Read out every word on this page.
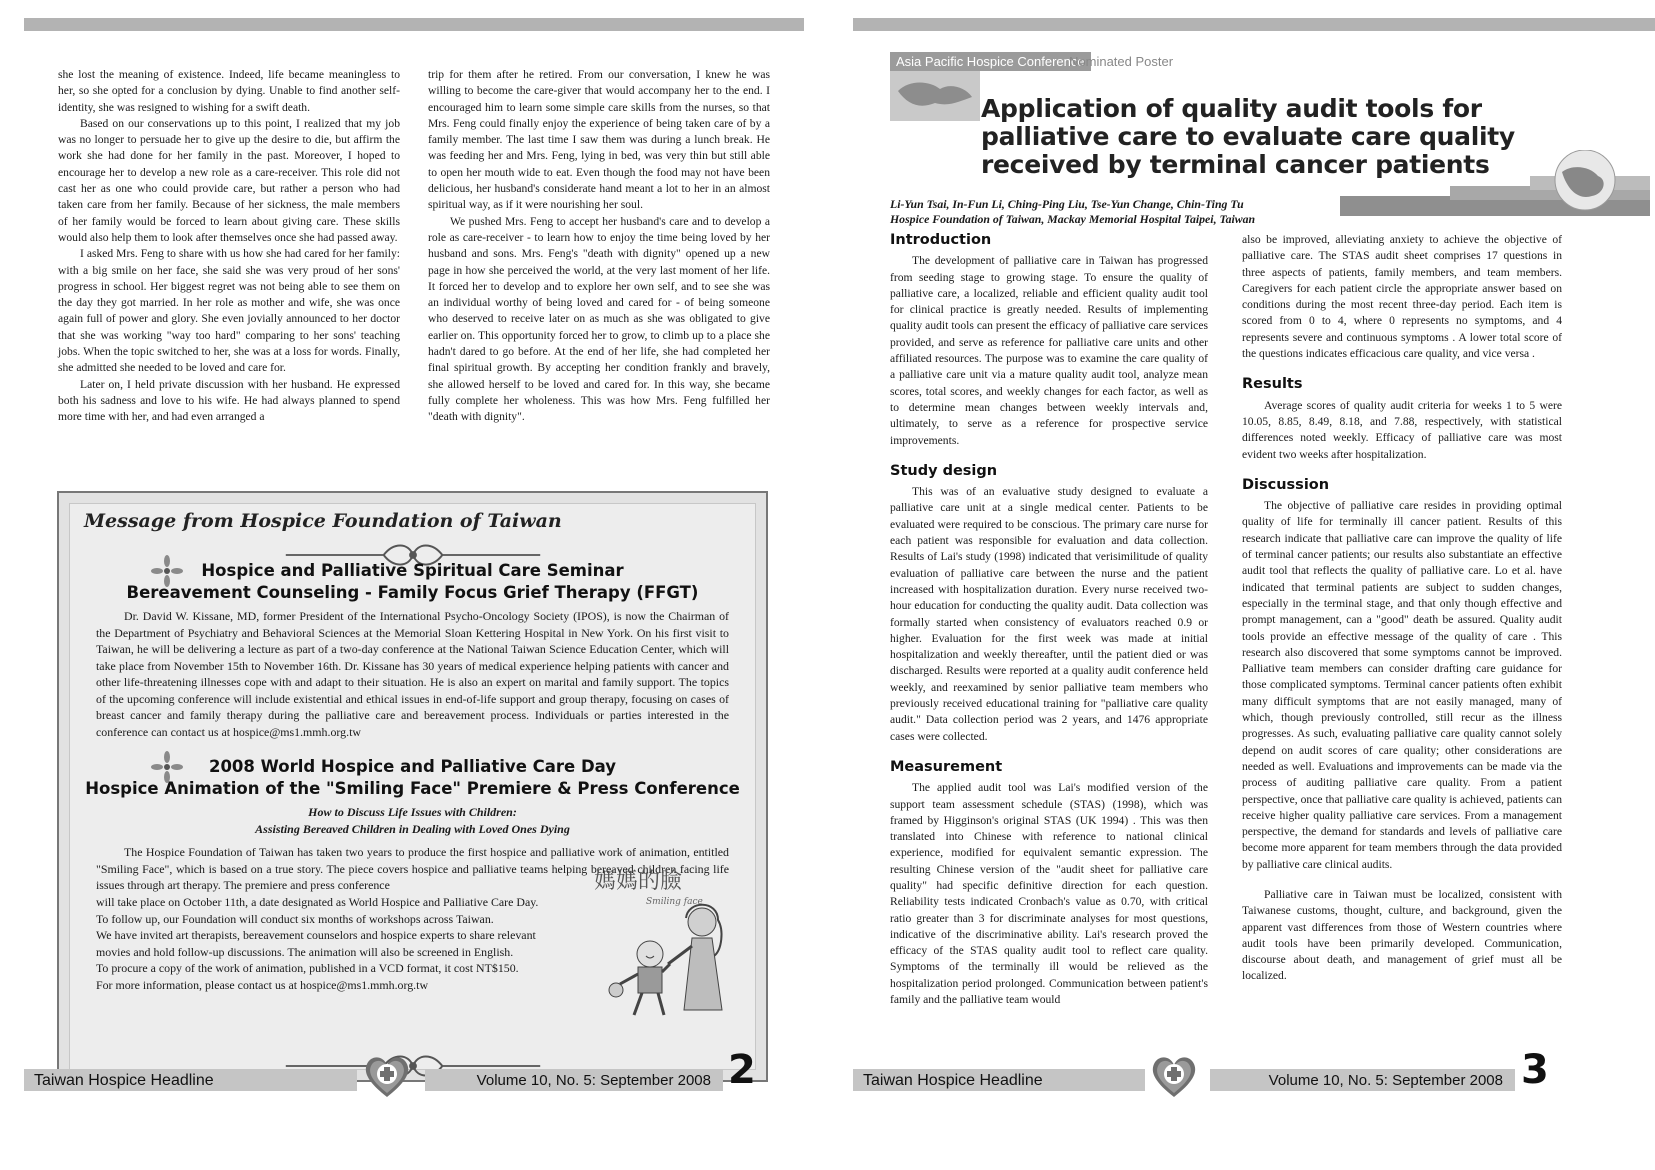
she lost the meaning of existence. Indeed, life became meaningless to her, so she opted for a conclusion by dying. Unable to find another self-identity, she was resigned to wishing for a swift death.

Based on our conservations up to this point, I realized that my job was no longer to persuade her to give up the desire to die, but affirm the work she had done for her family in the past. Moreover, I hoped to encourage her to develop a new role as a care-receiver. This role did not cast her as one who could provide care, but rather a person who had taken care from her family. Because of her sickness, the male members of her family would be forced to learn about giving care. These skills would also help them to look after themselves once she had passed away.

I asked Mrs. Feng to share with us how she had cared for her family: with a big smile on her face, she said she was very proud of her sons' progress in school. Her biggest regret was not being able to see them on the day they got married. In her role as mother and wife, she was once again full of power and glory. She even jovially announced to her doctor that she was working "way too hard" comparing to her sons' teaching jobs. When the topic switched to her, she was at a loss for words. Finally, she admitted she needed to be loved and care for.

Later on, I held private discussion with her husband. He expressed both his sadness and love to his wife. He had always planned to spend more time with her, and had even arranged a

trip for them after he retired. From our conversation, I knew he was willing to become the care-giver that would accompany her to the end. I encouraged him to learn some simple care skills from the nurses, so that Mrs. Feng could finally enjoy the experience of being taken care of by a family member. The last time I saw them was during a lunch break. He was feeding her and Mrs. Feng, lying in bed, was very thin but still able to open her mouth wide to eat. Even though the food may not have been delicious, her husband's considerate hand meant a lot to her in an almost spiritual way, as if it were nourishing her soul.

We pushed Mrs. Feng to accept her husband's care and to develop a role as care-receiver - to learn how to enjoy the time being loved by her husband and sons. Mrs. Feng's "death with dignity" opened up a new page in how she perceived the world, at the very last moment of her life. It forced her to develop and to explore her own self, and to see she was an individual worthy of being loved and cared for - of being someone who deserved to receive later on as much as she was obligated to give earlier on. This opportunity forced her to grow, to climb up to a place she hadn't dared to go before. At the end of her life, she had completed her final spiritual growth. By accepting her condition frankly and bravely, she allowed herself to be loved and cared for. In this way, she became fully complete her wholeness. This was how Mrs. Feng fulfilled her "death with dignity".

Message from Hospice Foundation of Taiwan
Hospice and Palliative Spiritual Care Seminar
Bereavement Counseling - Family Focus Grief Therapy (FFGT)

Dr. David W. Kissane, MD, former President of the International Psycho-Oncology Society (IPOS), is now the Chairman of the Department of Psychiatry and Behavioral Sciences at the Memorial Sloan Kettering Hospital in New York. On his first visit to Taiwan, he will be delivering a lecture as part of a two-day conference at the National Taiwan Science Education Center, which will take place from November 15th to November 16th. Dr. Kissane has 30 years of medical experience helping patients with cancer and other life-threatening illnesses cope with and adapt to their situation. He is also an expert on marital and family support. The topics of the upcoming conference will include existential and ethical issues in end-of-life support and group therapy, focusing on cases of breast cancer and family therapy during the palliative care and bereavement process. Individuals or parties interested in the conference can contact us at hospice@ms1.mmh.org.tw

2008 World Hospice and Palliative Care Day
Hospice Animation of the "Smiling Face" Premiere & Press Conference
How to Discuss Life Issues with Children:
Assisting Bereaved Children in Dealing with Loved Ones Dying

The Hospice Foundation of Taiwan has taken two years to produce the first hospice and palliative work of animation, entitled "Smiling Face", which is based on a true story. The piece covers hospice and palliative teams helping bereaved children facing life issues through art therapy. The premiere and press conference

will take place on October 11th, a date designated as World Hospice and Palliative Care Day.

To follow up, our Foundation will conduct six months of workshops across Taiwan.

We have invited art therapists, bereavement counselors and hospice experts to share relevant

movies and hold follow-up discussions. The animation will also be screened in English.

To procure a copy of the work of animation, published in a VCD format, it cost NT$150.

For more information, please contact us at hospice@ms1.mmh.org.tw

媽媽的臉
Smiling face
Asia Pacific Hospice Conference
Nominated Poster
Application of quality audit tools for palliative care to evaluate care quality received by terminal cancer patients
Li-Yun Tsai, In-Fun Li, Ching-Ping Liu, Tse-Yun Change, Chin-Ting Tu
Hospice Foundation of Taiwan, Mackay Memorial Hospital Taipei, Taiwan
Introduction

The development of palliative care in Taiwan has progressed from seeding stage to growing stage. To ensure the quality of palliative care, a localized, reliable and efficient quality audit tool for clinical practice is greatly needed. Results of implementing quality audit tools can present the efficacy of palliative care services provided, and serve as reference for palliative care units and other affiliated resources. The purpose was to examine the care quality of a palliative care unit via a mature quality audit tool, analyze mean scores, total scores, and weekly changes for each factor, as well as to determine mean changes between weekly intervals and, ultimately, to serve as a reference for prospective service improvements.

Study design

This was of an evaluative study designed to evaluate a palliative care unit at a single medical center. Patients to be evaluated were required to be conscious. The primary care nurse for each patient was responsible for evaluation and data collection. Results of Lai's study (1998) indicated that verisimilitude of quality evaluation of palliative care between the nurse and the patient increased with hospitalization duration. Every nurse received two-hour education for conducting the quality audit. Data collection was formally started when consistency of evaluators reached 0.9 or higher. Evaluation for the first week was made at initial hospitalization and weekly thereafter, until the patient died or was discharged. Results were reported at a quality audit conference held weekly, and reexamined by senior palliative team members who previously received educational training for "palliative care quality audit." Data collection period was 2 years, and 1476 appropriate cases were collected.

Measurement

The applied audit tool was Lai's modified version of the support team assessment schedule (STAS) (1998), which was framed by Higginson's original STAS (UK 1994) . This was then translated into Chinese with reference to national clinical experience, modified for equivalent semantic expression. The resulting Chinese version of the "audit sheet for palliative care quality" had specific definitive direction for each question. Reliability tests indicated Cronbach's value as 0.70, with critical ratio greater than 3 for discriminate analyses for most questions, indicative of the discriminative ability. Lai's research proved the efficacy of the STAS quality audit tool to reflect care quality. Symptoms of the terminally ill would be relieved as the hospitalization period prolonged. Communication between patient's family and the palliative team would

also be improved, alleviating anxiety to achieve the objective of palliative care. The STAS audit sheet comprises 17 questions in three aspects of patients, family members, and team members. Caregivers for each patient circle the appropriate answer based on conditions during the most recent three-day period. Each item is scored from 0 to 4, where 0 represents no symptoms, and 4 represents severe and continuous symptoms . A lower total score of the questions indicates efficacious care quality, and vice versa .

Results

Average scores of quality audit criteria for weeks 1 to 5 were 10.05, 8.85, 8.49, 8.18, and 7.88, respectively, with statistical differences noted weekly. Efficacy of palliative care was most evident two weeks after hospitalization.

Discussion

The objective of palliative care resides in providing optimal quality of life for terminally ill cancer patient. Results of this research indicate that palliative care can improve the quality of life of terminal cancer patients; our results also substantiate an effective audit tool that reflects the quality of palliative care. Lo et al. have indicated that terminal patients are subject to sudden changes, especially in the terminal stage, and that only though effective and prompt management, can a "good" death be assured. Quality audit tools provide an effective message of the quality of care . This research also discovered that some symptoms cannot be improved. Palliative team members can consider drafting care guidance for those complicated symptoms. Terminal cancer patients often exhibit many difficult symptoms that are not easily managed, many of which, though previously controlled, still recur as the illness progresses. As such, evaluating palliative care quality cannot solely depend on audit scores of care quality; other considerations are needed as well. Evaluations and improvements can be made via the process of auditing palliative care quality. From a patient perspective, once that palliative care quality is achieved, patients can receive higher quality palliative care services. From a management perspective, the demand for standards and levels of palliative care become more apparent for team members through the data provided by palliative care clinical audits.

Palliative care in Taiwan must be localized, consistent with Taiwanese customs, thought, culture, and background, given the apparent vast differences from those of Western countries where audit tools have been primarily developed. Communication, discourse about death, and management of grief must all be localized.

Taiwan Hospice Headline	Volume 10, No. 5: September 2008 2	Taiwan Hospice Headline	Volume 10, No. 5: September 2008 3
